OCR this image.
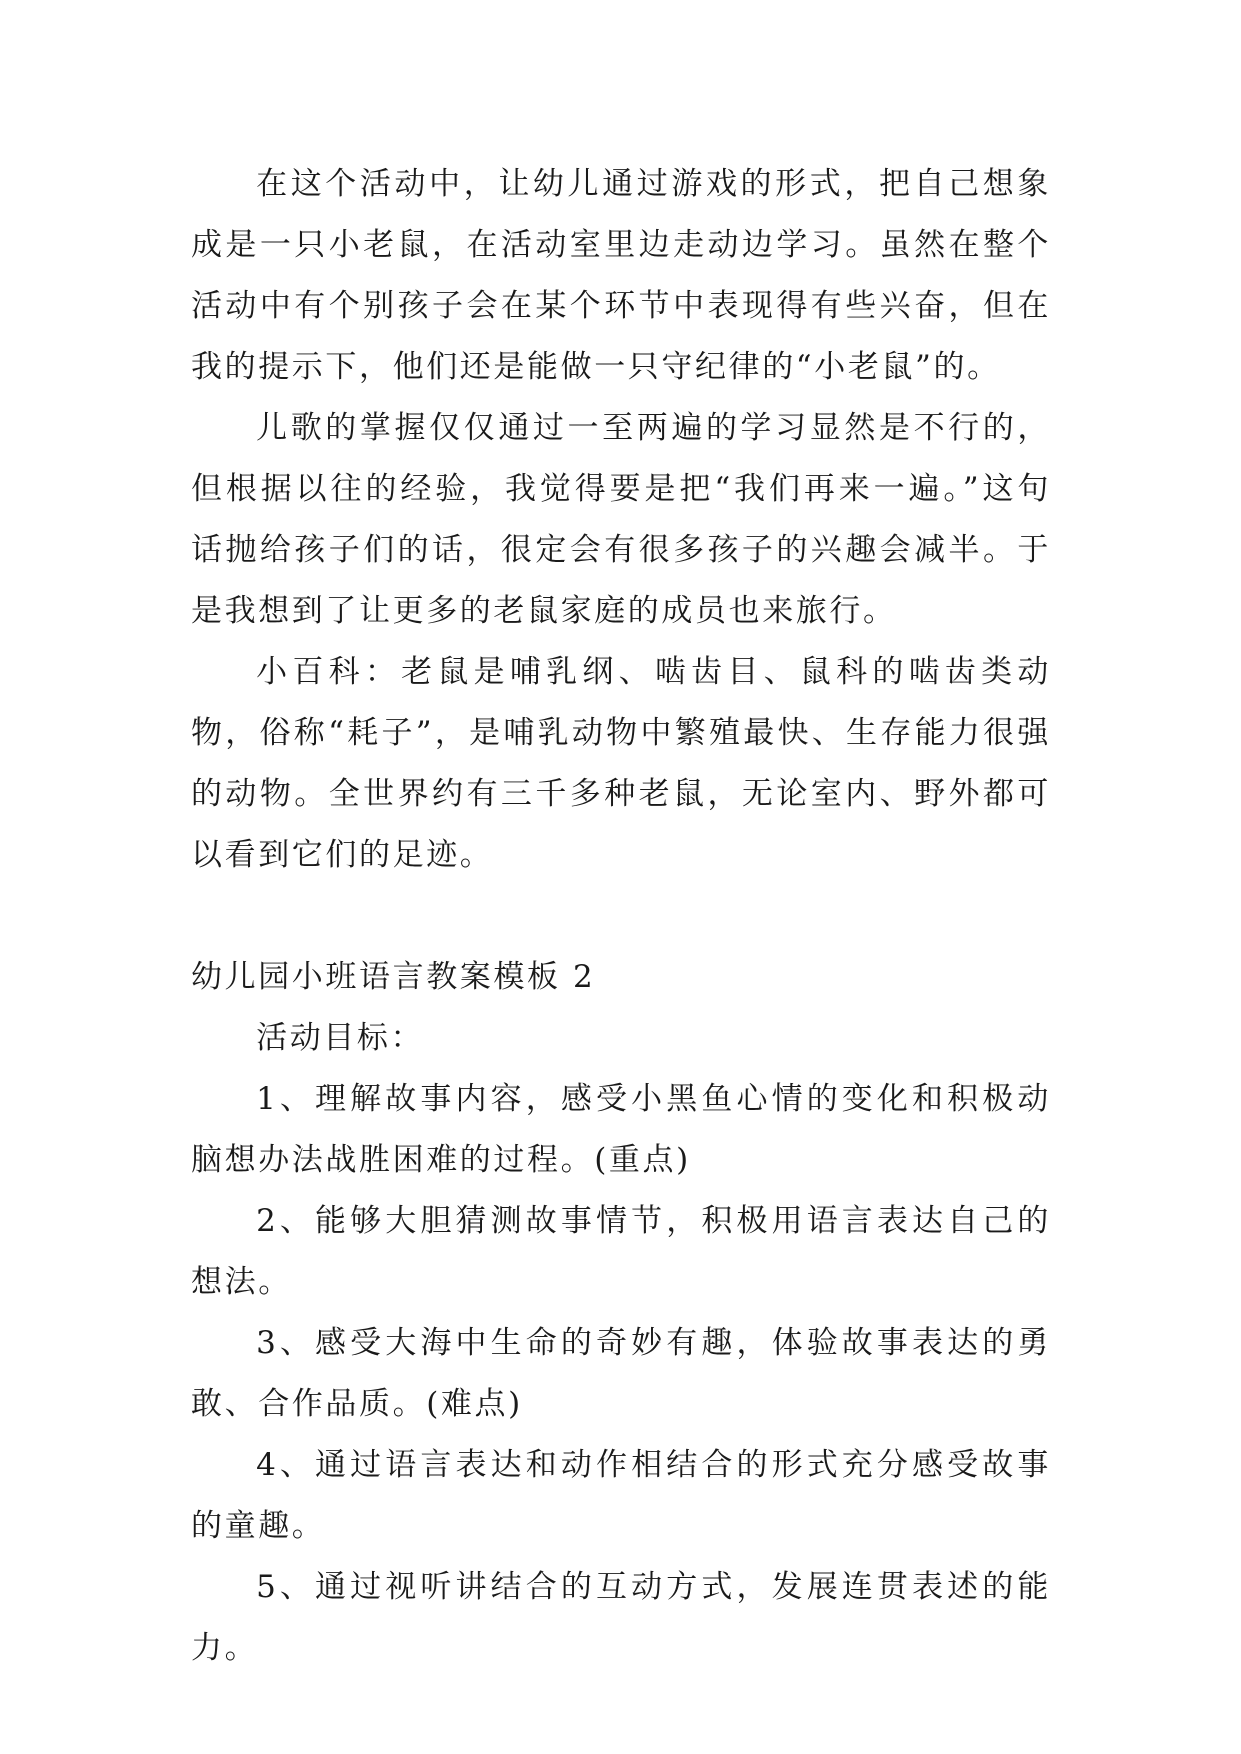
在这个活动中，让幼儿通过游戏的形式，把自己想象成是一只小老鼠，在活动室里边走动边学习。虽然在整个活动中有个别孩子会在某个环节中表现得有些兴奋，但在我的提示下，他们还是能做一只守纪律的“小老鼠”的。

儿歌的掌握仅仅通过一至两遍的学习显然是不行的，但根据以往的经验，我觉得要是把“我们再来一遍。”这句话抛给孩子们的话，很定会有很多孩子的兴趣会减半。于是我想到了让更多的老鼠家庭的成员也来旅行。

小百科：老鼠是哺乳纲、啮齿目、鼠科的啮齿类动物，俗称“耗子”，是哺乳动物中繁殖最快、生存能力很强的动物。全世界约有三千多种老鼠，无论室内、野外都可以看到它们的足迹。

幼儿园小班语言教案模板 2

活动目标：

1、理解故事内容，感受小黑鱼心情的变化和积极动脑想办法战胜困难的过程。(重点)

2、能够大胆猜测故事情节，积极用语言表达自己的想法。

3、感受大海中生命的奇妙有趣，体验故事表达的勇敢、合作品质。(难点)

4、通过语言表达和动作相结合的形式充分感受故事的童趣。

5、通过视听讲结合的互动方式，发展连贯表述的能力。
